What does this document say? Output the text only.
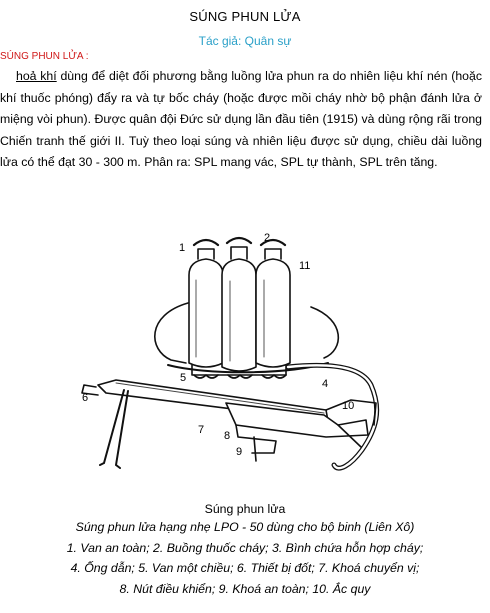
SÚNG PHUN LỬA
Tác giả: Quân sự
SÚNG PHUN LỬA :
hoả khí dùng để diệt đối phương bằng luồng lửa phun ra do nhiên liệu khí nén (hoặc khí thuốc phóng) đẩy ra và tự bốc cháy (hoặc được mồi cháy nhờ bộ phận đánh lửa ở miệng vòi phun). Được quân đội Đức sử dụng lần đầu tiên (1915) và dùng rộng rãi trong Chiến tranh thế giới II. Tuỳ theo loại súng và nhiên liệu được sử dụng, chiều dài luồng lửa có thể đạt 30 - 300 m. Phân ra: SPL mang vác, SPL tự thành, SPL trên tăng.
1
2
11
5	4
6
10
7 8
9
Súng phun lửa
Súng phun lửa hạng nhẹ LPO - 50 dùng cho bộ binh (Liên Xô)
1. Van an toàn; 2. Buồng thuốc cháy; 3. Bình chứa hỗn hợp cháy;
4. Ống dẫn; 5. Van một chiều; 6. Thiết bị đốt; 7. Khoá chuyển vị;
8. Nút điều khiển; 9. Khoá an toàn; 10. Ắc quy
